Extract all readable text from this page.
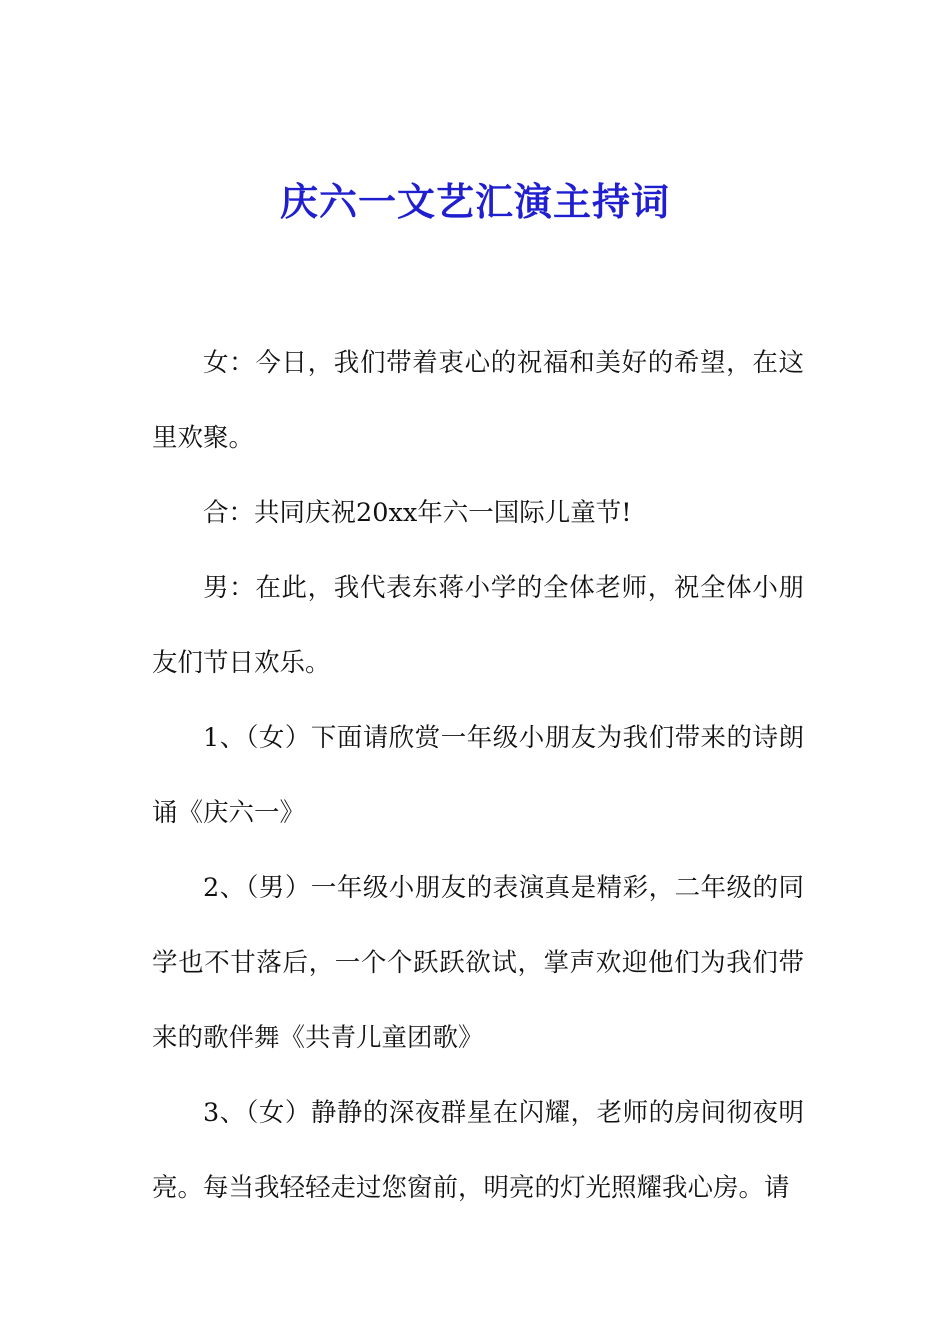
庆六一文艺汇演主持词

女：今日，我们带着衷心的祝福和美好的希望，在这里欢聚。

合：共同庆祝20xx年六一国际儿童节!

男：在此，我代表东蒋小学的全体老师，祝全体小朋友们节日欢乐。

1、（女）下面请欣赏一年级小朋友为我们带来的诗朗诵《庆六一》

2、（男）一年级小朋友的表演真是精彩，二年级的同学也不甘落后，一个个跃跃欲试，掌声欢迎他们为我们带来的歌伴舞《共青儿童团歌》

3、（女）静静的深夜群星在闪耀，老师的房间彻夜明亮。每当我轻轻走过您窗前，明亮的灯光照耀我心房。请
